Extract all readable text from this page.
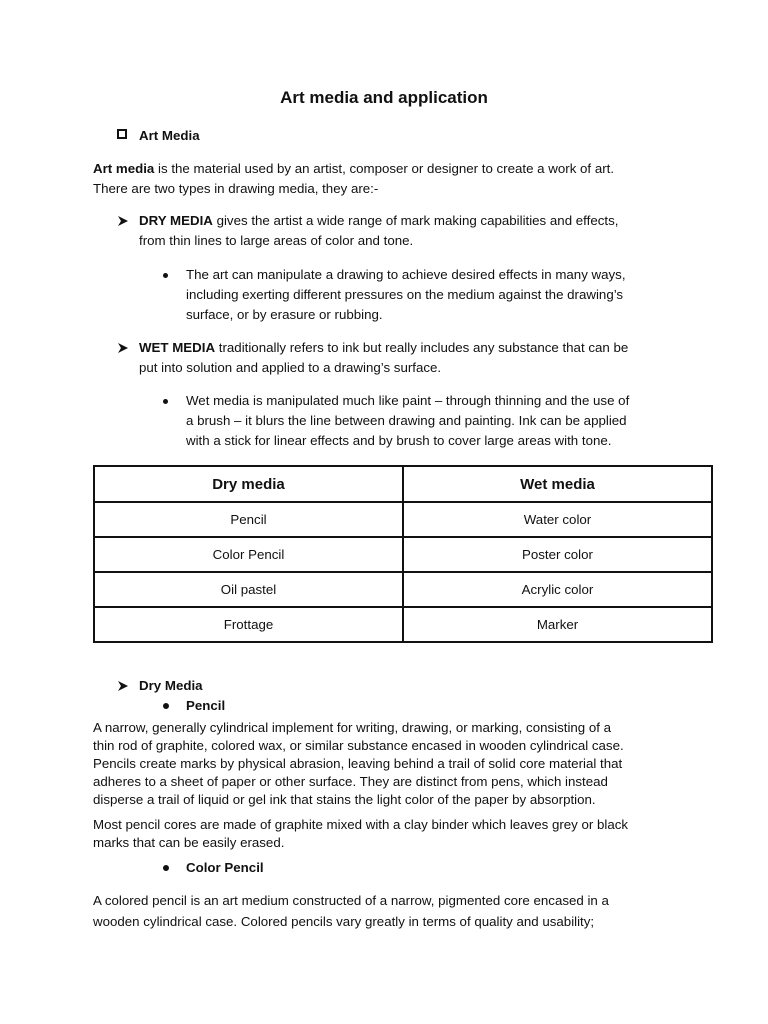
Art media and application
Art Media
Art media is the material used by an artist, composer or designer to create a work of art.
There are two types in drawing media, they are:-
DRY MEDIA gives the artist a wide range of mark making capabilities and effects,
from thin lines to large areas of color and tone.
The art can manipulate a drawing to achieve desired effects in many ways,
including exerting different pressures on the medium against the drawing’s
surface, or by erasure or rubbing.
WET MEDIA traditionally refers to ink but really includes any substance that can be
put into solution and applied to a drawing’s surface.
Wet media is manipulated much like paint – through thinning and the use of
a brush – it blurs the line between drawing and painting. Ink can be applied
with a stick for linear effects and by brush to cover large areas with tone.
Dry media	Wet media
Pencil	Water color
Color Pencil	Poster color
Oil pastel	Acrylic color
Frottage	Marker
Dry Media
Pencil
A narrow, generally cylindrical implement for writing, drawing, or marking, consisting of a
thin rod of graphite, colored wax, or similar substance encased in wooden cylindrical case.
Pencils create marks by physical abrasion, leaving behind a trail of solid core material that
adheres to a sheet of paper or other surface. They are distinct from pens, which instead
disperse a trail of liquid or gel ink that stains the light color of the paper by absorption.
Most pencil cores are made of graphite mixed with a clay binder which leaves grey or black
marks that can be easily erased.
Color Pencil
A colored pencil is an art medium constructed of a narrow, pigmented core encased in a
wooden cylindrical case. Colored pencils vary greatly in terms of quality and usability;
